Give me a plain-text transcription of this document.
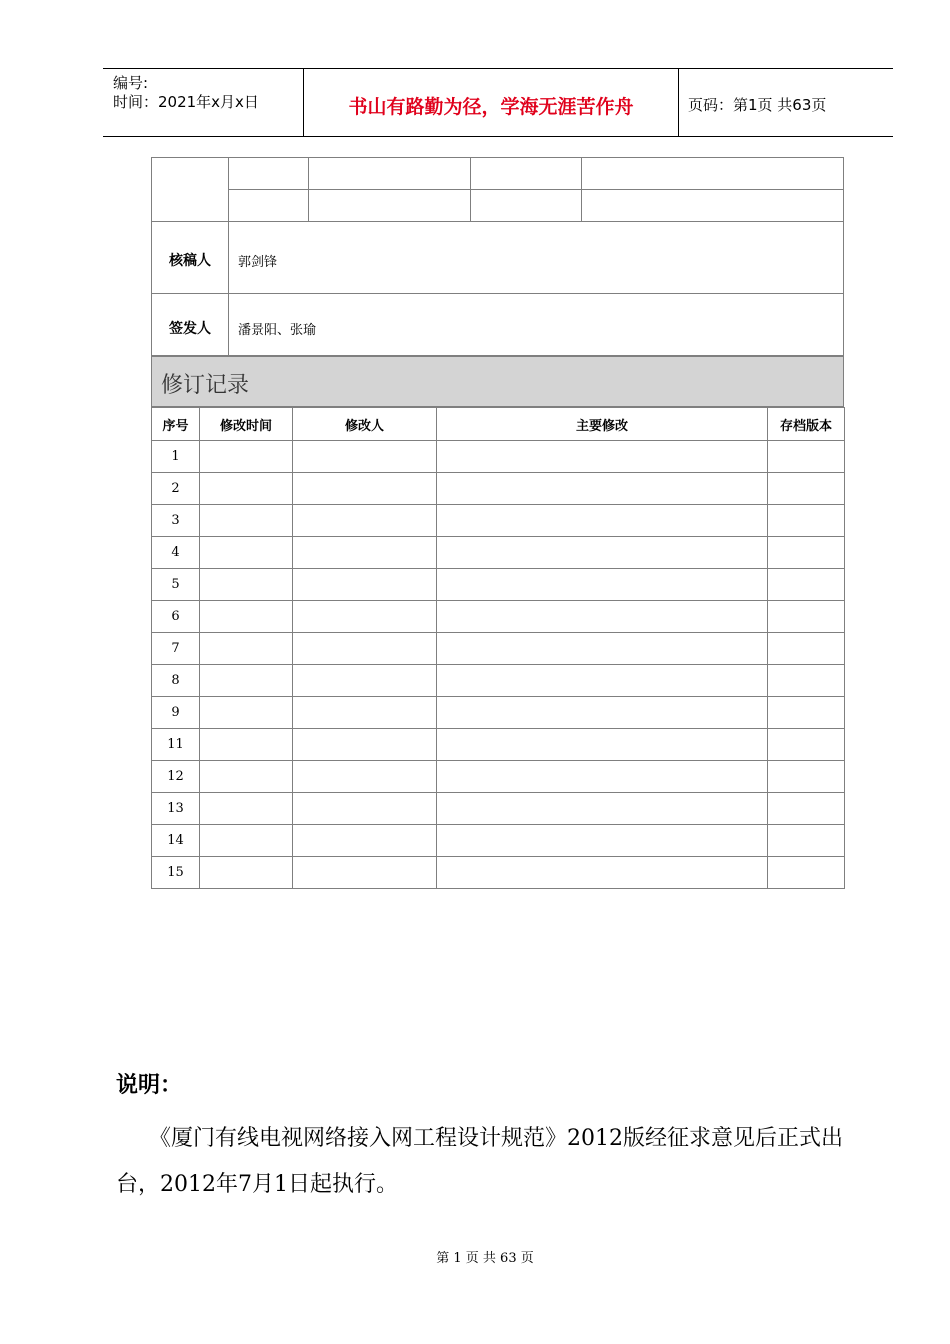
编号:
时间：2021年x月x日	书山有路勤为径，学海无涯苦作舟	页码：第1页 共63页
核稿人 郭剑锋
签发人 潘景阳、张瑜
修订记录
序号	修改时间	修改人	主要修改	存档版本
1				
2				
3				
4				
5				
6				
7				
8				
9				
11				
12				
13				
14				
15				
说明：
《厦门有线电视网络接入网工程设计规范》2012版经征求意见后正式出台，2012年7月1日起执行。
第 1 页 共 63 页
